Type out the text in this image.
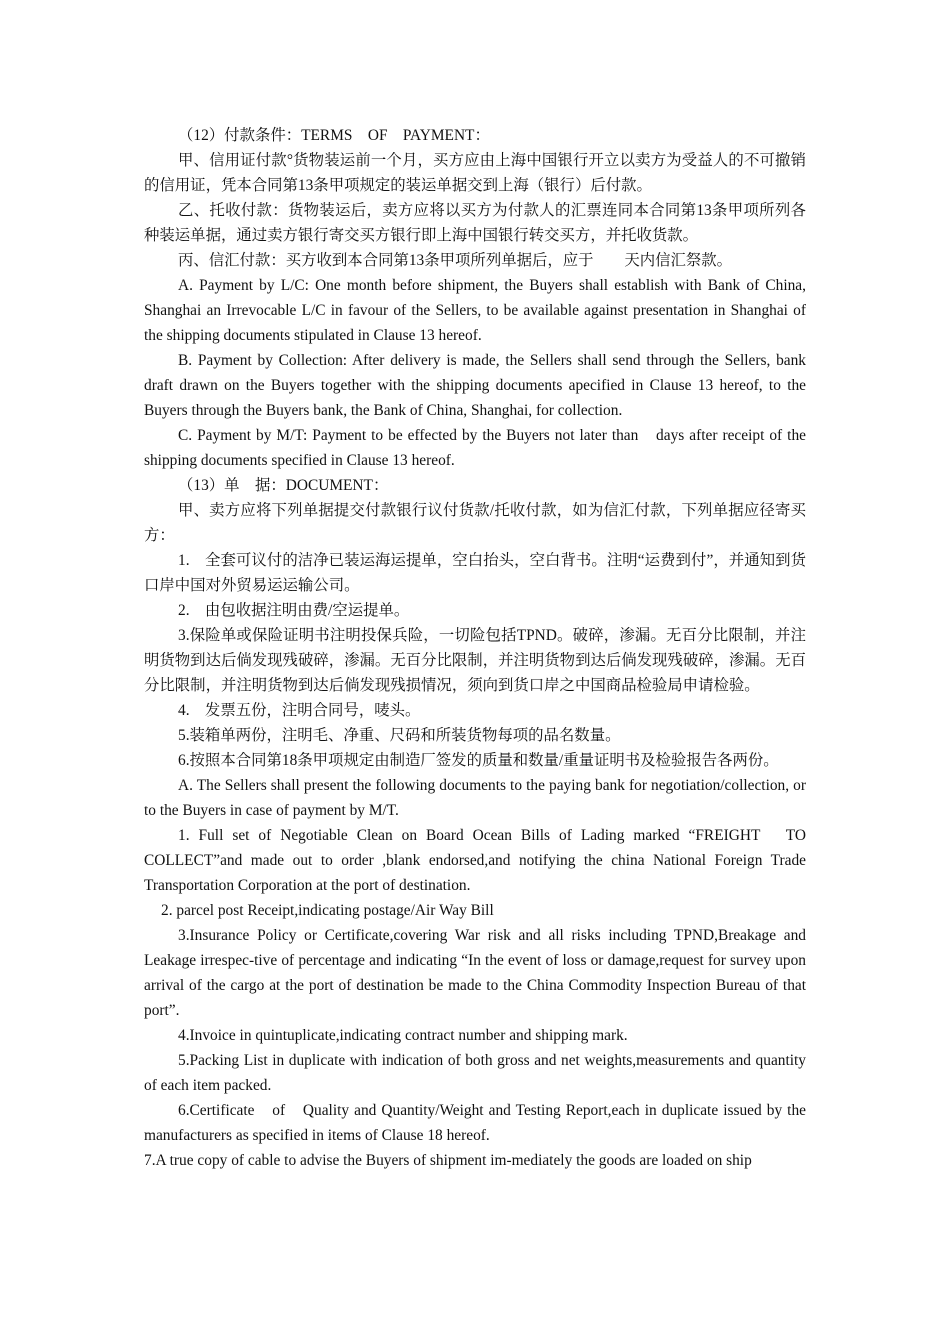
（12）付款条件：TERMS　OF　PAYMENT：

甲、信用证付款°货物装运前一个月，买方应由上海中国银行开立以卖方为受益人的不可撤销的信用证，凭本合同第13条甲项规定的装运单据交到上海（银行）后付款。

乙、托收付款：货物装运后，卖方应将以买方为付款人的汇票连同本合同第13条甲项所列各种装运单据，通过卖方银行寄交买方银行即上海中国银行转交买方，并托收货款。

丙、信汇付款：买方收到本合同第13条甲项所列单据后，应于　　天内信汇祭款。

A. Payment by L/C: One month before shipment, the Buyers shall establish with Bank of China, Shanghai an Irrevocable L/C in favour of the Sellers, to be available against presentation in Shanghai of the shipping documents stipulated in Clause 13 hereof.

B. Payment by Collection: After delivery is made, the Sellers shall send through the Sellers, bank draft drawn on the Buyers together with the shipping documents apecified in Clause 13 hereof, to the Buyers through the Buyers bank, the Bank of China, Shanghai, for collection.

C. Payment by M/T: Payment to be effected by the Buyers not later than　days after receipt of the shipping documents specified in Clause 13 hereof.

（13）单　据：DOCUMENT：

甲、卖方应将下列单据提交付款银行议付货款/托收付款，如为信汇付款，下列单据应径寄买方：

1.　全套可议付的洁净已装运海运提单，空白抬头，空白背书。注明“运费到付”，并通知到货口岸中国对外贸易运运输公司。

2.　由包收据注明由费/空运提单。

3.保险单或保险证明书注明投保兵险，一切险包括TPND。破碎，渗漏。无百分比限制，并注明货物到达后倘发现残破碎，渗漏。无百分比限制，并注明货物到达后倘发现残破碎，渗漏。无百分比限制，并注明货物到达后倘发现残损情况，须向到货口岸之中国商品检验局申请检验。

4.　发票五份，注明合同号，唛头。

5.装箱单两份，注明毛、净重、尺码和所装货物每项的品名数量。

6.按照本合同第18条甲项规定由制造厂签发的质量和数量/重量证明书及检验报告各两份。

A. The Sellers shall present the following documents to the paying bank for negotiation/collection, or to the Buyers in case of payment by M/T.

1. Full set of Negotiable Clean on Board Ocean Bills of Lading marked “FREIGHT　TO COLLECT”and made out to order ,blank endorsed,and notifying the china National Foreign Trade Transportation Corporation at the port of destination.

2. parcel post Receipt,indicating postage/Air Way Bill

3.Insurance Policy or Certificate,covering War risk and all risks including TPND,Breakage and Leakage irrespec-tive of percentage and indicating “In the event of loss or damage,request for survey upon arrival of the cargo at the port of destination be made to the China Commodity Inspection Bureau of that port”.

4.Invoice in quintuplicate,indicating contract number and shipping mark.

5.Packing List in duplicate with indication of both gross and net weights,measurements and quantity of each item packed.

6.Certificate　of　Quality and Quantity/Weight and Testing Report,each in duplicate issued by the manufacturers as specified in items of Clause 18 hereof.

7.A true copy of cable to advise the Buyers of shipment im-mediately the goods are loaded on ship
